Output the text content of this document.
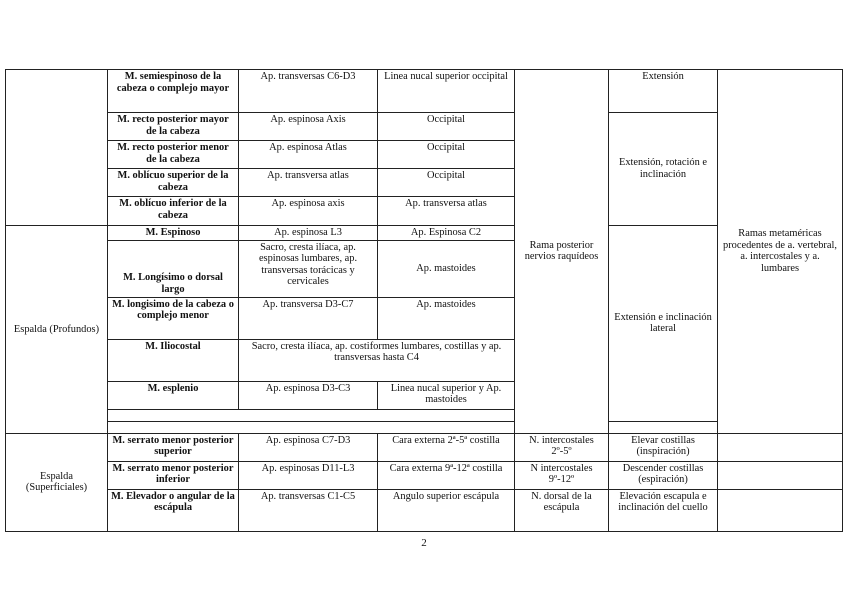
	M. semiespinoso de la cabeza o complejo mayor	Ap. transversas C6-D3	Linea nucal superior occipital	Rama posterior nervios raquídeos	Extensión	Ramas metaméricas procedentes de a. vertebral, a. intercostales y a. lumbares	
	M. recto posterior mayor de la cabeza	Ap. espinosa Axis	Occipital		Extensión, rotación e inclinación		
	M. recto posterior menor de la cabeza	Ap. espinosa Atlas	Occipital				
	M. oblícuo superior de la cabeza	Ap. transversa atlas	Occipital				
	M. oblícuo inferior de la cabeza	Ap. espinosa axis	Ap. transversa atlas				
Espalda (Profundos)	M. Espinoso	Ap. espinosa L3	Ap. Espinosa C2		Extensión e inclinación lateral		
	M. Longísimo o dorsal largo	Sacro, cresta ilíaca, ap. espinosas lumbares, ap. transversas torácicas y cervicales	Ap. mastoides				
	M. longisimo de la cabeza o complejo menor	Ap. transversa D3-C7	Ap. mastoides				
	M. Iliocostal	Sacro, cresta ilíaca, ap. costiformes lumbares, costillas y ap. transversas hasta C4					
	M. esplenio	Ap. espinosa D3-C3	Linea nucal superior y Ap. mastoides				

Espalda (Superficiales)	M. serrato menor posterior superior	Ap. espinosa C7-D3	Cara externa 2ª-5ª costilla	N. intercostales 2º-5º	Elevar costillas (inspiración)		
	M. serrato menor posterior inferior	Ap. espinosas D11-L3	Cara externa 9ª-12ª costilla	N intercostales 9º-12º	Descender costillas (espiración)		
	M. Elevador o angular de la escápula	Ap. transversas C1-C5	Angulo superior escápula	N. dorsal de la escápula	Elevación escapula e inclinación del cuello		
2
